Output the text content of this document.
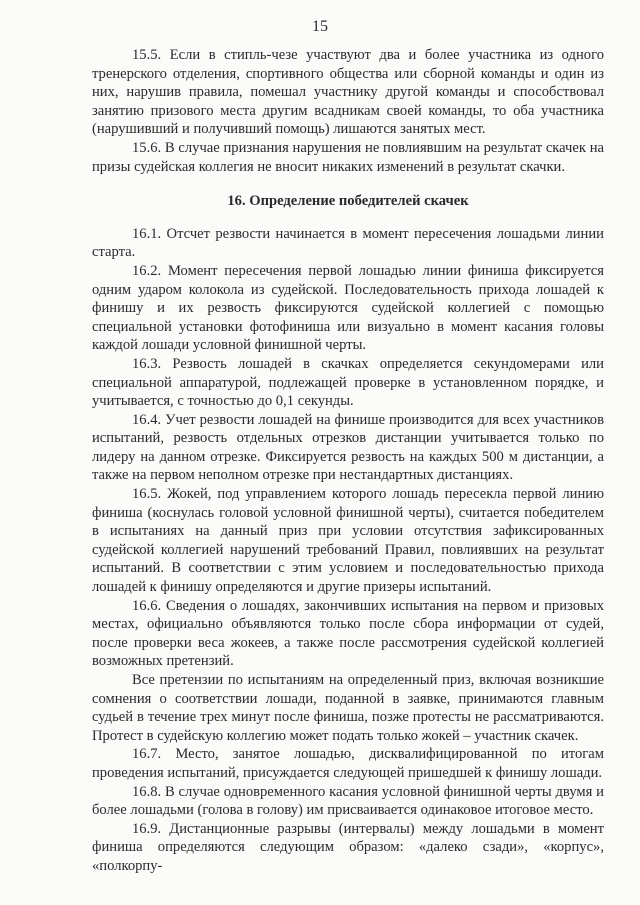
15

15.5. Если в стипль-чезе участвуют два и более участника из одного тренерского отделения, спортивного общества или сборной команды и один из них, нарушив правила, помешал участнику другой команды и способствовал занятию призового места другим всадникам своей команды, то оба участника (нарушивший и получивший помощь) лишаются занятых мест.

15.6. В случае признания нарушения не повлиявшим на результат скачек на призы судейская коллегия не вносит никаких изменений в результат скачки.

16. Определение победителей скачек

16.1. Отсчет резвости начинается в момент пересечения лошадьми линии старта.

16.2. Момент пересечения первой лошадью линии финиша фиксируется одним ударом колокола из судейской. Последовательность прихода лошадей к финишу и их резвость фиксируются судейской коллегией с помощью специальной установки фотофиниша или визуально в момент касания головы каждой лошади условной финишной черты.

16.3. Резвость лошадей в скачках определяется секундомерами или специальной аппаратурой, подлежащей проверке в установленном порядке, и учитывается, с точностью до 0,1 секунды.

16.4. Учет резвости лошадей на финише производится для всех участников испытаний, резвость отдельных отрезков дистанции учитывается только по лидеру на данном отрезке. Фиксируется резвость на каждых 500 м дистанции, а также на первом неполном отрезке при нестандартных дистанциях.

16.5. Жокей, под управлением которого лошадь пересекла первой линию финиша (коснулась головой условной финишной черты), считается победителем в испытаниях на данный приз при условии отсутствия зафиксированных судейской коллегией нарушений требований Правил, повлиявших на результат испытаний. В соответствии с этим условием и последовательностью прихода лошадей к финишу определяются и другие призеры испытаний.

16.6. Сведения о лошадях, закончивших испытания на первом и призовых местах, официально объявляются только после сбора информации от судей, после проверки веса жокеев, а также после рассмотрения судейской коллегией возможных претензий.

Все претензии по испытаниям на определенный приз, включая возникшие сомнения о соответствии лошади, поданной в заявке, принимаются главным судьей в течение трех минут после финиша, позже протесты не рассматриваются. Протест в судейскую коллегию может подать только жокей – участник скачек.

16.7. Место, занятое лошадью, дисквалифицированной по итогам проведения испытаний, присуждается следующей пришедшей к финишу лошади.

16.8. В случае одновременного касания условной финишной черты двумя и более лошадьми (голова в голову) им присваивается одинаковое итоговое место.

16.9. Дистанционные разрывы (интервалы) между лошадьми в момент финиша определяются следующим образом: «далеко сзади», «корпус», «полкорпу-
